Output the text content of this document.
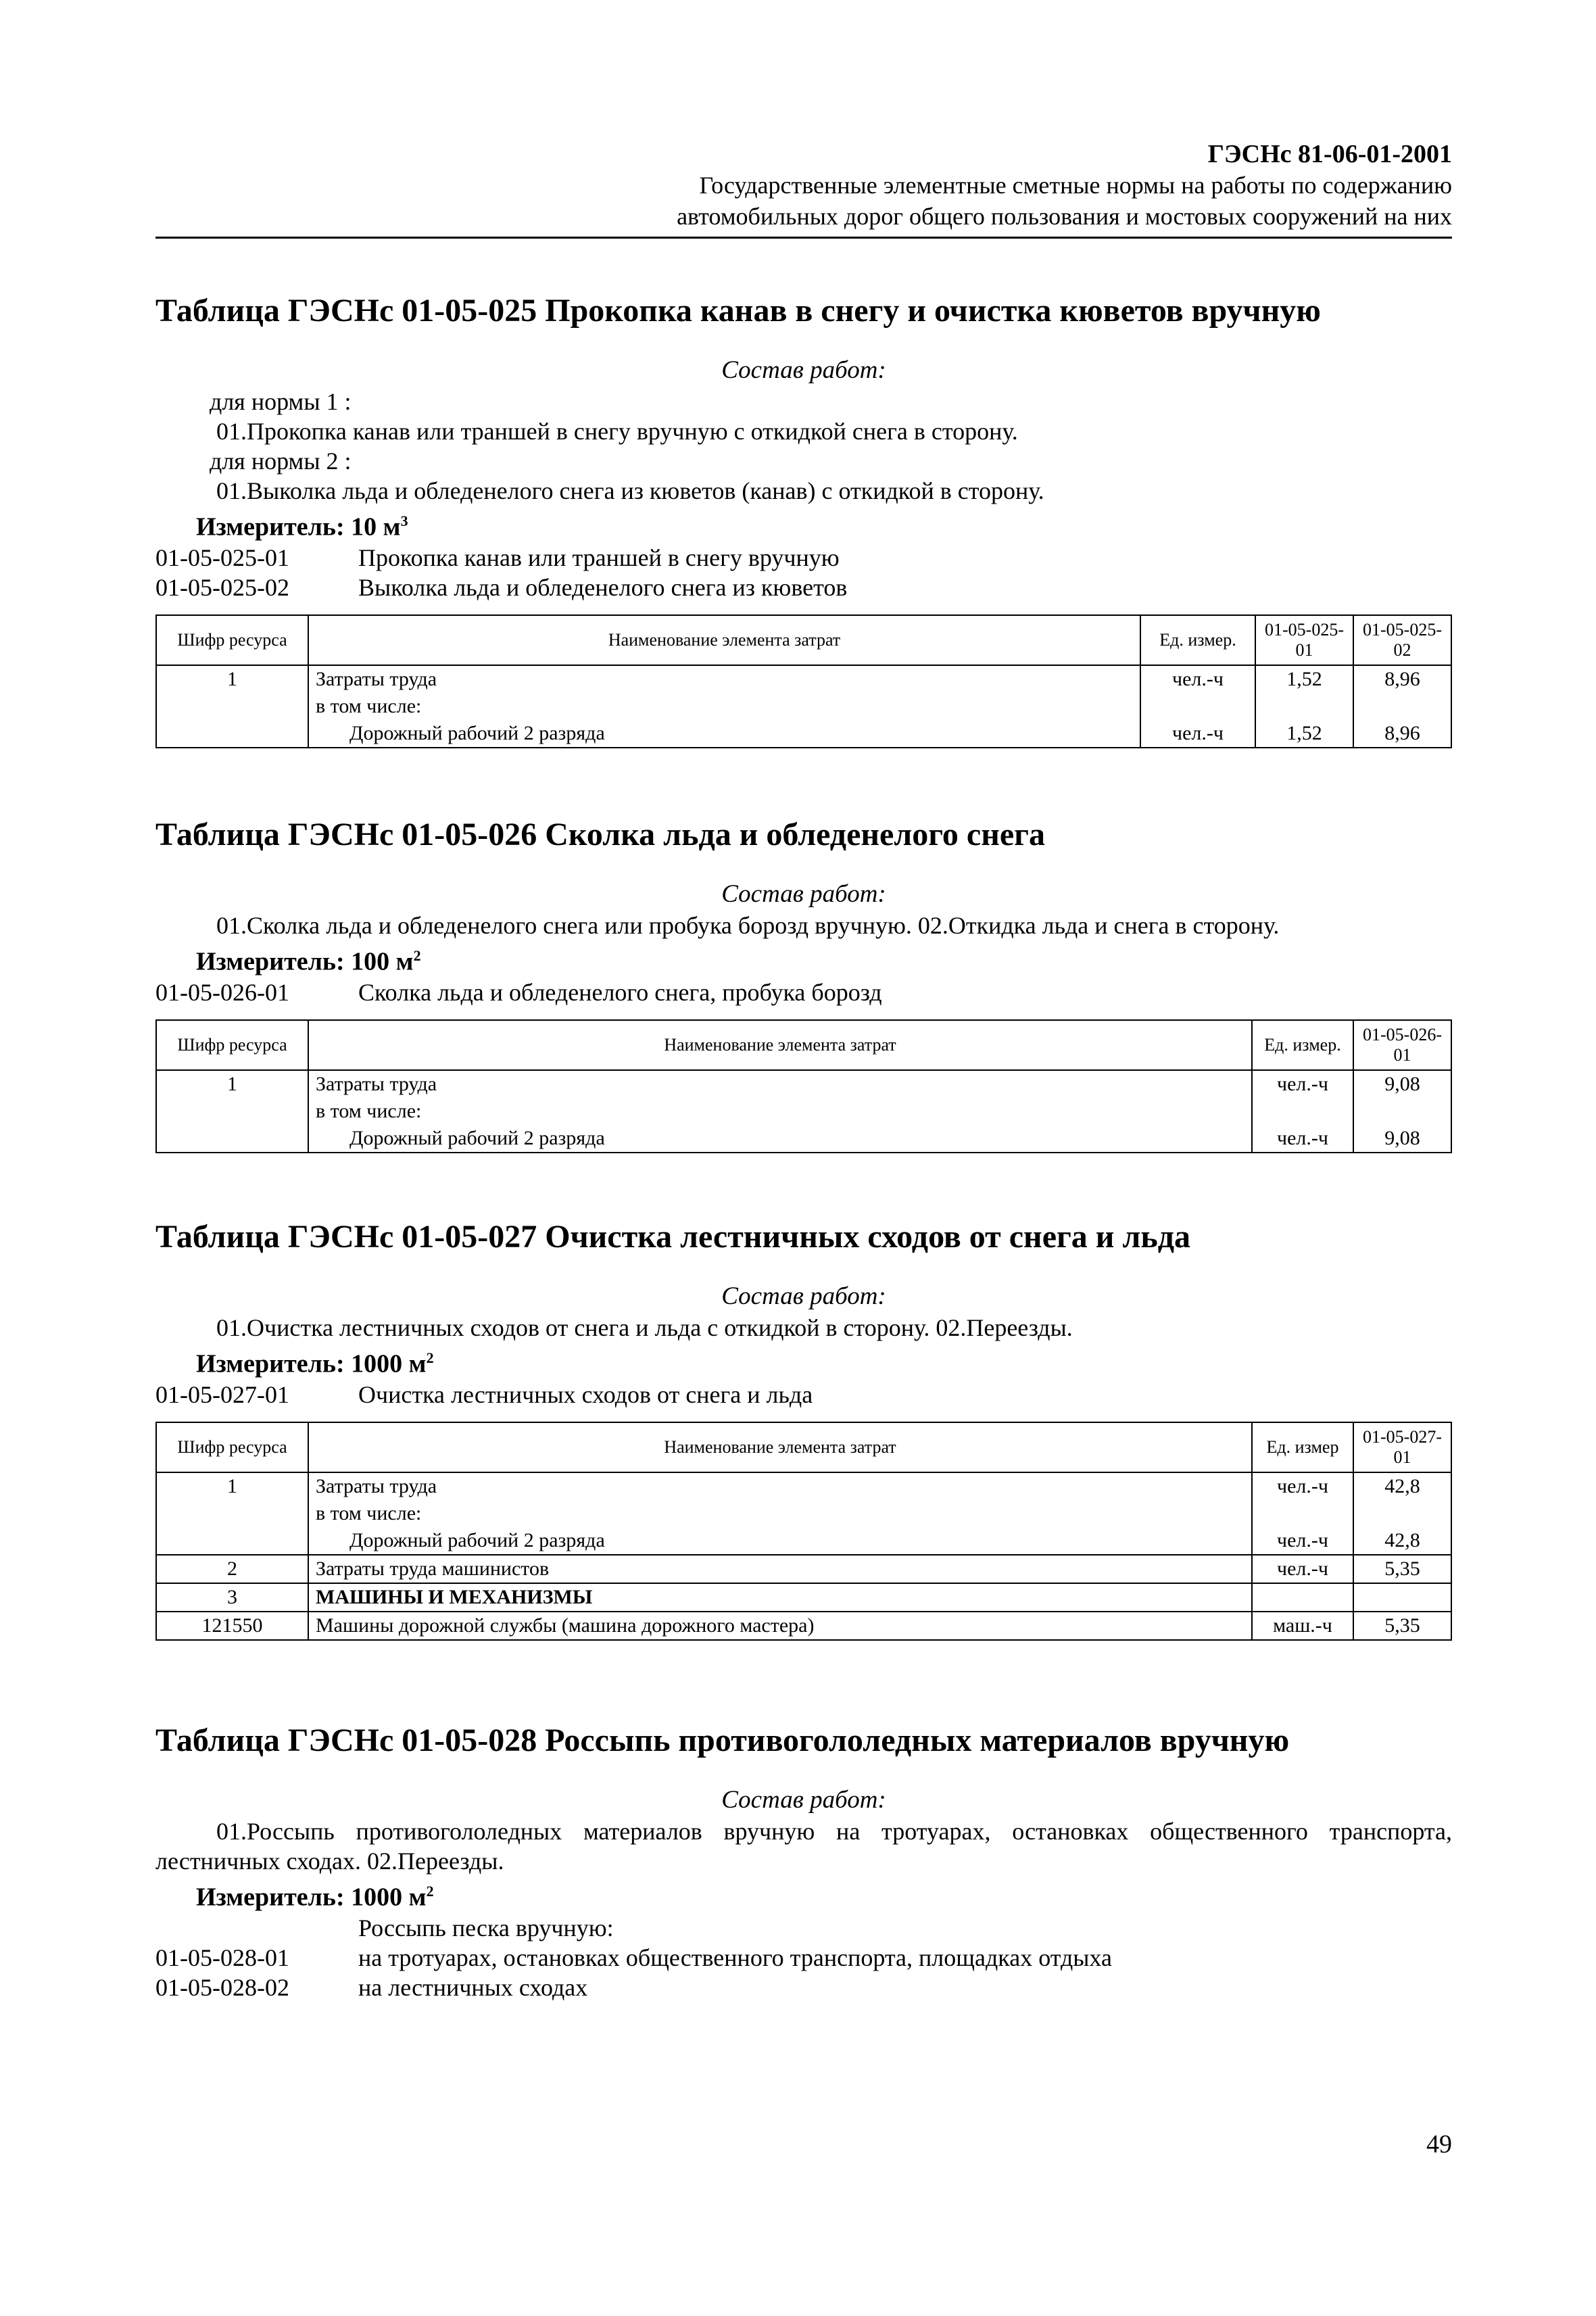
ГЭСНс 81-06-01-2001
Государственные элементные сметные нормы на работы по содержанию
автомобильных дорог общего пользования и мостовых сооружений на них
Таблица ГЭСНс 01-05-025 Прокопка канав в снегу и очистка кюветов вручную
Состав работ:
для нормы 1 :
01.Прокопка канав или траншей в снегу вручную с откидкой снега в сторону.
для нормы 2 :
01.Выколка льда и обледенелого снега из кюветов (канав) с откидкой в сторону.
Измеритель: 10 $м^3$
01-05-025-01	Прокопка канав или траншей в снегу вручную
01-05-025-02	Выколка льда и обледенелого снега из кюветов
Шифр ресурса	Наименование элемента затрат	Ед. измер.	01-05-025-01	01-05-025-02
1	Затраты труда	чел.-ч	1,52	8,96
	в том числе:			
	Дорожный рабочий 2 разряда	чел.-ч	1,52	8,96
Таблица ГЭСНс 01-05-026 Сколка льда и обледенелого снега
Состав работ:
01.Сколка льда и обледенелого снега или пробука борозд вручную. 02.Откидка льда и снега в сторону.
Измеритель: 100 $м^2$
01-05-026-01	Сколка льда и обледенелого снега, пробука борозд
Шифр ресурса	Наименование элемента затрат	Ед. измер.	01-05-026-01
1	Затраты труда	чел.-ч	9,08
	в том числе:		
	Дорожный рабочий 2 разряда	чел.-ч	9,08
Таблица ГЭСНс 01-05-027 Очистка лестничных сходов от снега и льда
Состав работ:
01.Очистка лестничных сходов от снега и льда с откидкой в сторону. 02.Переезды.
Измеритель: 1000 $м^2$
01-05-027-01	Очистка лестничных сходов от снега и льда
Шифр ресурса	Наименование элемента затрат	Ед. измер	01-05-027-01
1	Затраты труда	чел.-ч	42,8
	в том числе:		
	Дорожный рабочий 2 разряда	чел.-ч	42,8
2	Затраты труда машинистов	чел.-ч	5,35
3	МАШИНЫ И МЕХАНИЗМЫ		
121550	Машины дорожной службы (машина дорожного мастера)	маш.-ч	5,35
Таблица ГЭСНс 01-05-028 Россыпь противогололедных материалов вручную
Состав работ:
01.Россыпь противогололедных материалов вручную на тротуарах, остановках общественного транспорта, лестничных сходах. 02.Переезды.
Измеритель: 1000 $м^2$
Россыпь песка вручную:
01-05-028-01	на тротуарах, остановках общественного транспорта, площадках отдыха
01-05-028-02	на лестничных сходах
49
